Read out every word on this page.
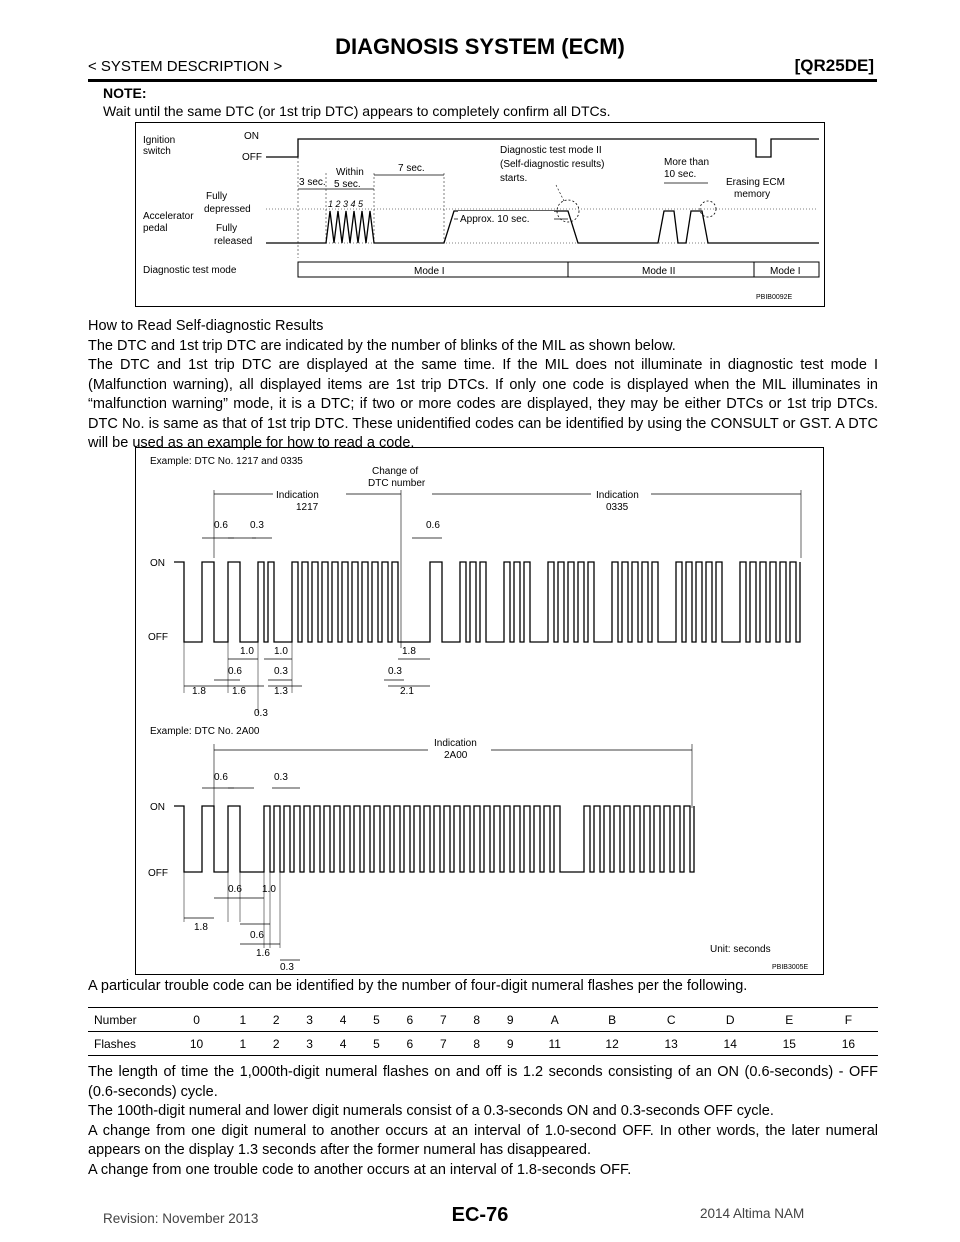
DIAGNOSIS SYSTEM (ECM)
< SYSTEM DESCRIPTION >	[QR25DE]
NOTE:
Wait until the same DTC (or 1st trip DTC) appears to completely confirm all DTCs.
Ignition
switch
ON
OFF
Fully
depressed
Accelerator
pedal	Fully
released
3 sec.
Within
5 sec.
7 sec.
1 2 3 4 5
Approx. 10 sec.
Diagnostic test mode II
(Self-diagnostic results)
starts.
More than
10 sec.
Erasing ECM
memory
Diagnostic test mode	Mode I	Mode II	Mode I
PBIB0092E
How to Read Self-diagnostic Results
The DTC and 1st trip DTC are indicated by the number of blinks of the MIL as shown below.
The DTC and 1st trip DTC are displayed at the same time. If the MIL does not illuminate in diagnostic test mode I (Malfunction warning), all displayed items are 1st trip DTCs. If only one code is displayed when the MIL illuminates in “malfunction warning” mode, it is a DTC; if two or more codes are displayed, they may be either DTCs or 1st trip DTCs. DTC No. is same as that of 1st trip DTC. These unidentified codes can be identified by using the CONSULT or GST. A DTC will be used as an example for how to read a code.
Example: DTC No. 1217 and 0335
Change of
DTC number
Indication
1217
Indication
0335
0.6 0.3	0.6
ON
OFF
1.0 1.0	1.8
0.6	0.3	0.3
1.8	1.6	1.3	2.1
0.3
Example: DTC No. 2A00
Indication
2A00
0.6	0.3
ON
OFF
0.6 1.0
1.8
0.6
1.6
0.3
Unit: seconds
PBIB3005E
A particular trouble code can be identified by the number of four-digit numeral flashes per the following.
Number	0	1	2	3	4	5	6	7	8	9	A	B	C	D	E	F
Flashes	10	1	2	3	4	5	6	7	8	9	11	12	13	14	15	16
The length of time the 1,000th-digit numeral flashes on and off is 1.2 seconds consisting of an ON (0.6-seconds) - OFF (0.6-seconds) cycle.
The 100th-digit numeral and lower digit numerals consist of a 0.3-seconds ON and 0.3-seconds OFF cycle.
A change from one digit numeral to another occurs at an interval of 1.0-second OFF. In other words, the later numeral appears on the display 1.3 seconds after the former numeral has disappeared.
A change from one trouble code to another occurs at an interval of 1.8-seconds OFF.
EC-76
Revision: November 2013	2014 Altima NAM
